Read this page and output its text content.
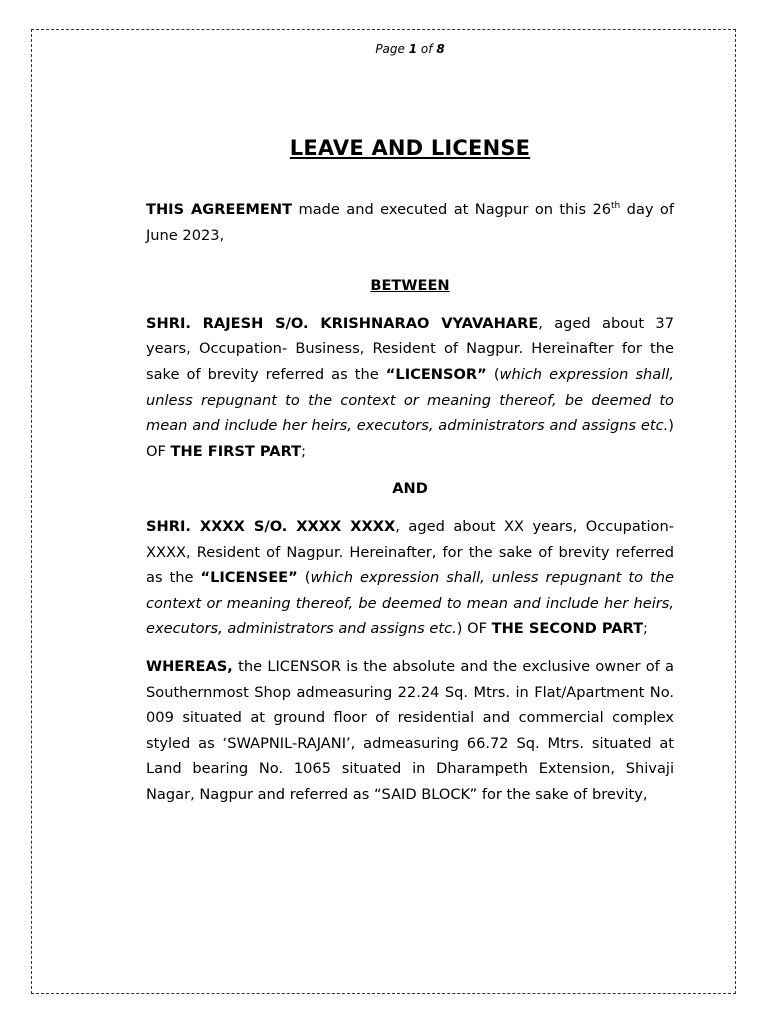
Page 1 of 8
LEAVE AND LICENSE

THIS AGREEMENT made and executed at Nagpur on this 26th day of June 2023,

BETWEEN

SHRI. RAJESH S/O. KRISHNARAO VYAVAHARE, aged about 37 years, Occupation- Business, Resident of Nagpur. Hereinafter for the sake of brevity referred as the “LICENSOR” (which expression shall, unless repugnant to the context or meaning thereof, be deemed to mean and include her heirs, executors, administrators and assigns etc.) OF THE FIRST PART;

AND

SHRI. XXXX S/O. XXXX XXXX, aged about XX years, Occupation-XXXX, Resident of Nagpur. Hereinafter, for the sake of brevity referred as the “LICENSEE” (which expression shall, unless repugnant to the context or meaning thereof, be deemed to mean and include her heirs, executors, administrators and assigns etc.) OF THE SECOND PART;

WHEREAS, the LICENSOR is the absolute and the exclusive owner of a Southernmost Shop admeasuring 22.24 Sq. Mtrs. in Flat/Apartment No. 009 situated at ground floor of residential and commercial complex styled as ‘SWAPNIL-RAJANI’, admeasuring 66.72 Sq. Mtrs. situated at Land bearing No. 1065 situated in Dharampeth Extension, Shivaji Nagar, Nagpur and referred as “SAID BLOCK” for the sake of brevity,
